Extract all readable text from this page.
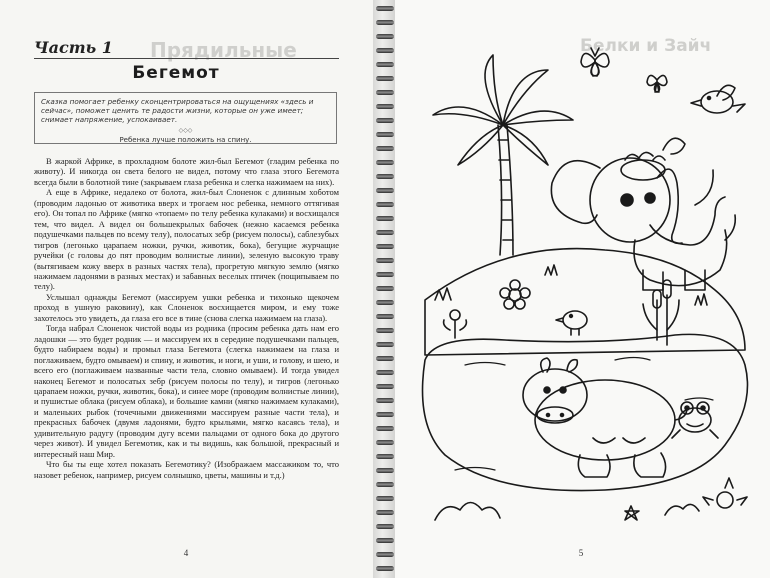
Прядильные
Часть 1
Бегемот

Сказка помогает ребенку сконцентрироваться на ощущениях «здесь и сейчас», поможет ценить те радости жизни, которые он уже имеет; снимает напряжение, успокаивает.

◇◇◇

Ребенка лучше положить на спину.

В жаркой Африке, в прохладном болоте жил-был Бегемот (гладим ребенка по животу). И никогда он света белого не видел, потому что глаза этого Бегемота всегда были в болотной тине (закрываем глаза ребенка и слегка нажимаем на них).

А еще в Африке, недалеко от болота, жил-был Слоненок с длинным хоботом (проводим ладонью от животика вверх и трогаем нос ребенка, немного оттягивая его). Он топал по Африке (мягко «топаем» по телу ребенка кулаками) и восхищался тем, что видел. А видел он большекрылых бабочек (нежно касаемся ребенка подушечками пальцев по всему телу), полосатых зебр (рисуем полосы), саблезубых тигров (легонько царапаем ножки, ручки, животик, бока), бегущие журчащие ручейки (с головы до пят проводим волнистые линии), зеленую высокую траву (вытягиваем кожу вверх в разных частях тела), прогретую мягкую землю (мягко нажимаем ладонями в разных местах) и забавных веселых птичек (пощипываем по телу).

Услышал однажды Бегемот (массируем ушки ребенка и тихонько щекочем проход в ушную раковину), как Слоненок восхищается миром, и ему тоже захотелось это увидеть, да глаза его все в тине (снова слегка нажимаем на глаза).

Тогда набрал Слоненок чистой воды из родника (просим ребенка дать нам его ладошки — это будет родник — и массируем их в середине подушечками пальцев, будто набираем воды) и промыл глаза Бегемота (слегка нажимаем на глаза и поглаживаем, будто омываем) и спину, и животик, и ноги, и уши, и голову, и шею, и всего его (поглаживаем названные части тела, словно омываем). И тогда увидел наконец Бегемот и полосатых зебр (рисуем полосы по телу), и тигров (легонько царапаем ножки, ручки, животик, бока), и синее море (проводим волнистые линии), и пушистые облака (рисуем облака), и большие камни (мягко нажимаем кулаками), и маленьких рыбок (точечными движениями массируем разные части тела), и прекрасных бабочек (двумя ладонями, будто крыльями, мягко касаясь тела), и удивительную радугу (проводим дугу всеми пальцами от одного бока до другого через живот). И увидел Бегемотик, как и ты видишь, как большой, прекрасный и интересный наш Мир.

Что бы ты еще хотел показать Бегемотику? (Изображаем массажиком то, что назовет ребенок, например, рисуем солнышко, цветы, машины и т.д.)

4
Белки и Зайч
5
